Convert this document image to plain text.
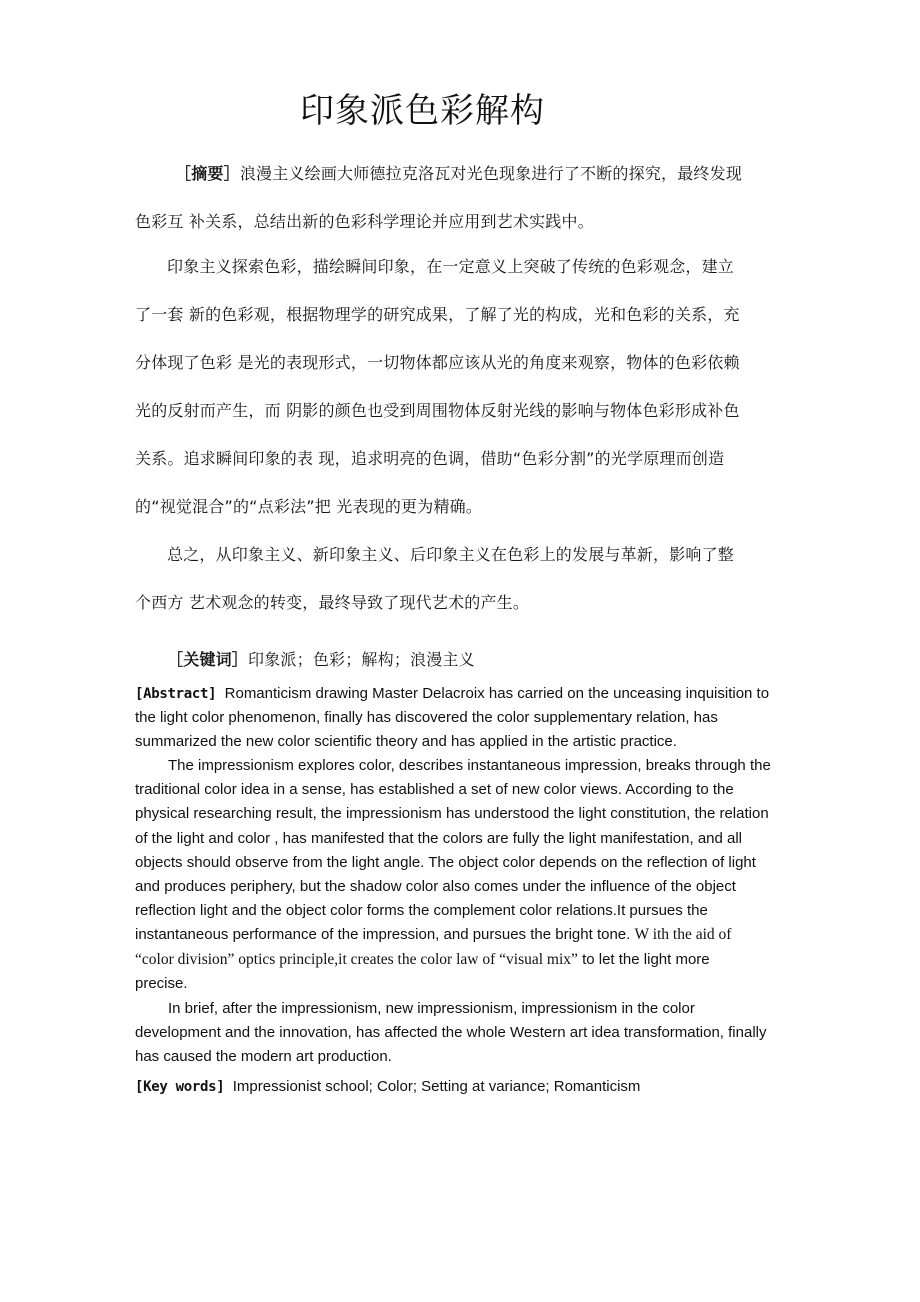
印象派色彩解构
［摘要］浪漫主义绘画大师德拉克洛瓦对光色现象进行了不断的探究，最终发现
色彩互 补关系，总结出新的色彩科学理论并应用到艺术实践中。
印象主义探索色彩，描绘瞬间印象，在一定意义上突破了传统的色彩观念，建立
了一套 新的色彩观，根据物理学的研究成果，了解了光的构成，光和色彩的关系，充
分体现了色彩 是光的表现形式，一切物体都应该从光的角度来观察，物体的色彩依赖
光的反射而产生，而 阴影的颜色也受到周围物体反射光线的影响与物体色彩形成补色
关系。追求瞬间印象的表 现，追求明亮的色调，借助“色彩分割”的光学原理而创造
的“视觉混合”的“点彩法”把 光表现的更为精确。
总之，从印象主义、新印象主义、后印象主义在色彩上的发展与革新，影响了整
个西方 艺术观念的转变，最终导致了现代艺术的产生。
［关键词］印象派；色彩；解构；浪漫主义
[Abstract] Romanticism drawing Master Delacroix has carried on the unceasing inquisition to
the light color phenomenon, finally has discovered the color supplementary relation, has
summarized the new color scientific theory and has applied in the artistic practice.
The impressionism explores color, describes instantaneous impression, breaks through the
traditional color idea in a sense, has established a set of new color views. According to the
physical researching result, the impressionism has understood the light constitution, the relation
of the light and color , has manifested that the colors are fully the light manifestation, and all
objects should observe from the light angle. The object color depends on the reflection of light
and produces periphery, but the shadow color also comes under the influence of the object
reflection light and the object color forms the complement color relations.It pursues the
instantaneous performance of the impression, and pursues the bright tone. W ith the aid of
“color division” optics principle,it creates the color law of “visual mix” to let the light more
precise.
In brief, after the impressionism, new impressionism, impressionism in the color
development and the innovation, has affected the whole Western art idea transformation, finally
has caused the modern art production.
[Key words] Impressionist school; Color; Setting at variance; Romanticism
